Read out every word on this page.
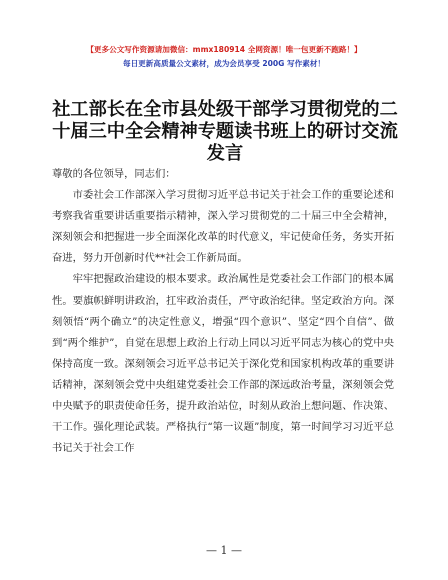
【更多公文写作资源请加微信：mmx180914 全网资源！唯一包更新不跑路！】
每日更新高质量公文素材，成为会员享受 200G 写作素材！
社工部长在全市县处级干部学习贯彻党的二十届三中全会精神专题读书班上的研讨交流发言

尊敬的各位领导，同志们：

市委社会工作部深入学习贯彻习近平总书记关于社会工作的重要论述和考察我省重要讲话重要指示精神，深入学习贯彻党的二十届三中全会精神，深刻领会和把握进一步全面深化改革的时代意义，牢记使命任务，务实开拓奋进，努力开创新时代**社会工作新局面。

牢牢把握政治建设的根本要求。政治属性是党委社会工作部门的根本属性。要旗帜鲜明讲政治，扛牢政治责任，严守政治纪律。坚定政治方向。深刻领悟“两个确立”的决定性意义，增强“四个意识”、坚定“四个自信”、做到“两个维护”，自觉在思想上政治上行动上同以习近平同志为核心的党中央保持高度一致。深刻领会习近平总书记关于深化党和国家机构改革的重要讲话精神，深刻领会党中央组建党委社会工作部的深远政治考量，深刻领会党中央赋予的职责使命任务，提升政治站位，时刻从政治上想问题、作决策、干工作。强化理论武装。严格执行“第一议题”制度，第一时间学习习近平总书记关于社会工作

— 1 —
